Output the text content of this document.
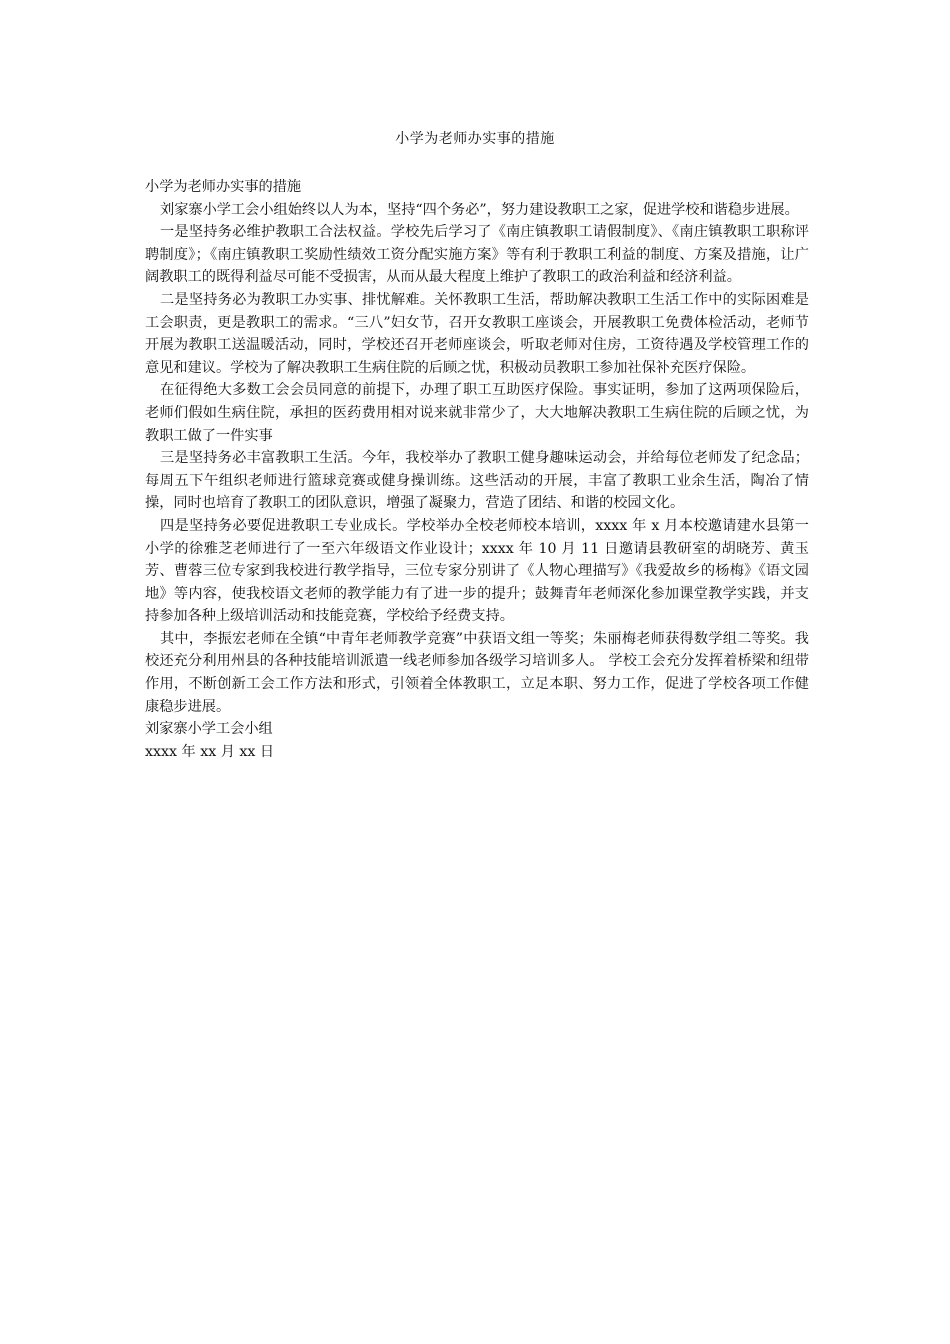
小学为老师办实事的措施

小学为老师办实事的措施

刘家寨小学工会小组始终以人为本，坚持“四个务必”，努力建设教职工之家，促进学校和谐稳步进展。

一是坚持务必维护教职工合法权益。学校先后学习了《南庄镇教职工请假制度》、《南庄镇教职工职称评聘制度》；《南庄镇教职工奖励性绩效工资分配实施方案》等有利于教职工利益的制度、方案及措施，让广阔教职工的既得利益尽可能不受损害，从而从最大程度上维护了教职工的政治利益和经济利益。

二是坚持务必为教职工办实事、排忧解难。关怀教职工生活，帮助解决教职工生活工作中的实际困难是工会职责，更是教职工的需求。“三八”妇女节，召开女教职工座谈会，开展教职工免费体检活动，老师节开展为教职工送温暖活动，同时，学校还召开老师座谈会，听取老师对住房，工资待遇及学校管理工作的意见和建议。学校为了解决教职工生病住院的后顾之忧，积极动员教职工参加社保补充医疗保险。

在征得绝大多数工会会员同意的前提下，办理了职工互助医疗保险。事实证明，参加了这两项保险后，老师们假如生病住院，承担的医药费用相对说来就非常少了，大大地解决教职工生病住院的后顾之忧，为教职工做了一件实事

三是坚持务必丰富教职工生活。今年，我校举办了教职工健身趣味运动会，并给每位老师发了纪念品；每周五下午组织老师进行篮球竞赛或健身操训练。这些活动的开展，丰富了教职工业余生活，陶冶了情操，同时也培育了教职工的团队意识，增强了凝聚力，营造了团结、和谐的校园文化。

四是坚持务必要促进教职工专业成长。学校举办全校老师校本培训，xxxx 年 x 月本校邀请建水县第一小学的徐雅芝老师进行了一至六年级语文作业设计；xxxx 年 10 月 11 日邀请县教研室的胡晓芳、黄玉芳、曹蓉三位专家到我校进行教学指导，三位专家分别讲了《人物心理描写》《我爱故乡的杨梅》《语文园地》等内容，使我校语文老师的教学能力有了进一步的提升；鼓舞青年老师深化参加课堂教学实践，并支持参加各种上级培训活动和技能竞赛，学校给予经费支持。

其中，李振宏老师在全镇“中青年老师教学竞赛”中获语文组一等奖；朱丽梅老师获得数学组二等奖。我校还充分利用州县的各种技能培训派遣一线老师参加各级学习培训多人。 学校工会充分发挥着桥梁和纽带作用，不断创新工会工作方法和形式，引领着全体教职工，立足本职、努力工作，促进了学校各项工作健康稳步进展。

刘家寨小学工会小组

xxxx 年 xx 月 xx 日
